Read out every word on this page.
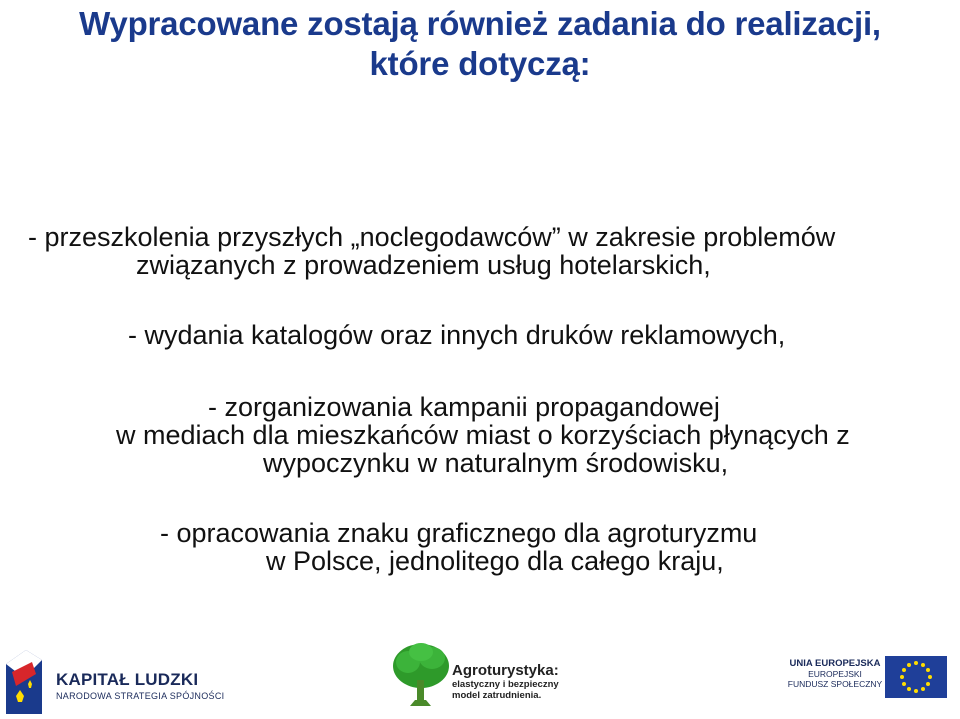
Wypracowane zostają również zadania do realizacji,
które dotyczą:
- przeszkolenia przyszłych „noclegodawców” w zakresie problemów
związanych z prowadzeniem usług hotelarskich,
- wydania katalogów oraz innych druków reklamowych,
- zorganizowania kampanii propagandowej
w mediach dla mieszkańców miast o korzyściach płynących z
wypoczynku w naturalnym środowisku,
- opracowania znaku graficznego dla agroturyzmu
w Polsce, jednolitego dla całego kraju,
KAPITAŁ LUDZKI
NARODOWA STRATEGIA SPÓJNOŚCI
Agroturystyka:
elastyczny i bezpieczny
model zatrudnienia.
UNIA EUROPEJSKA
EUROPEJSKI
FUNDUSZ SPOŁECZNY
